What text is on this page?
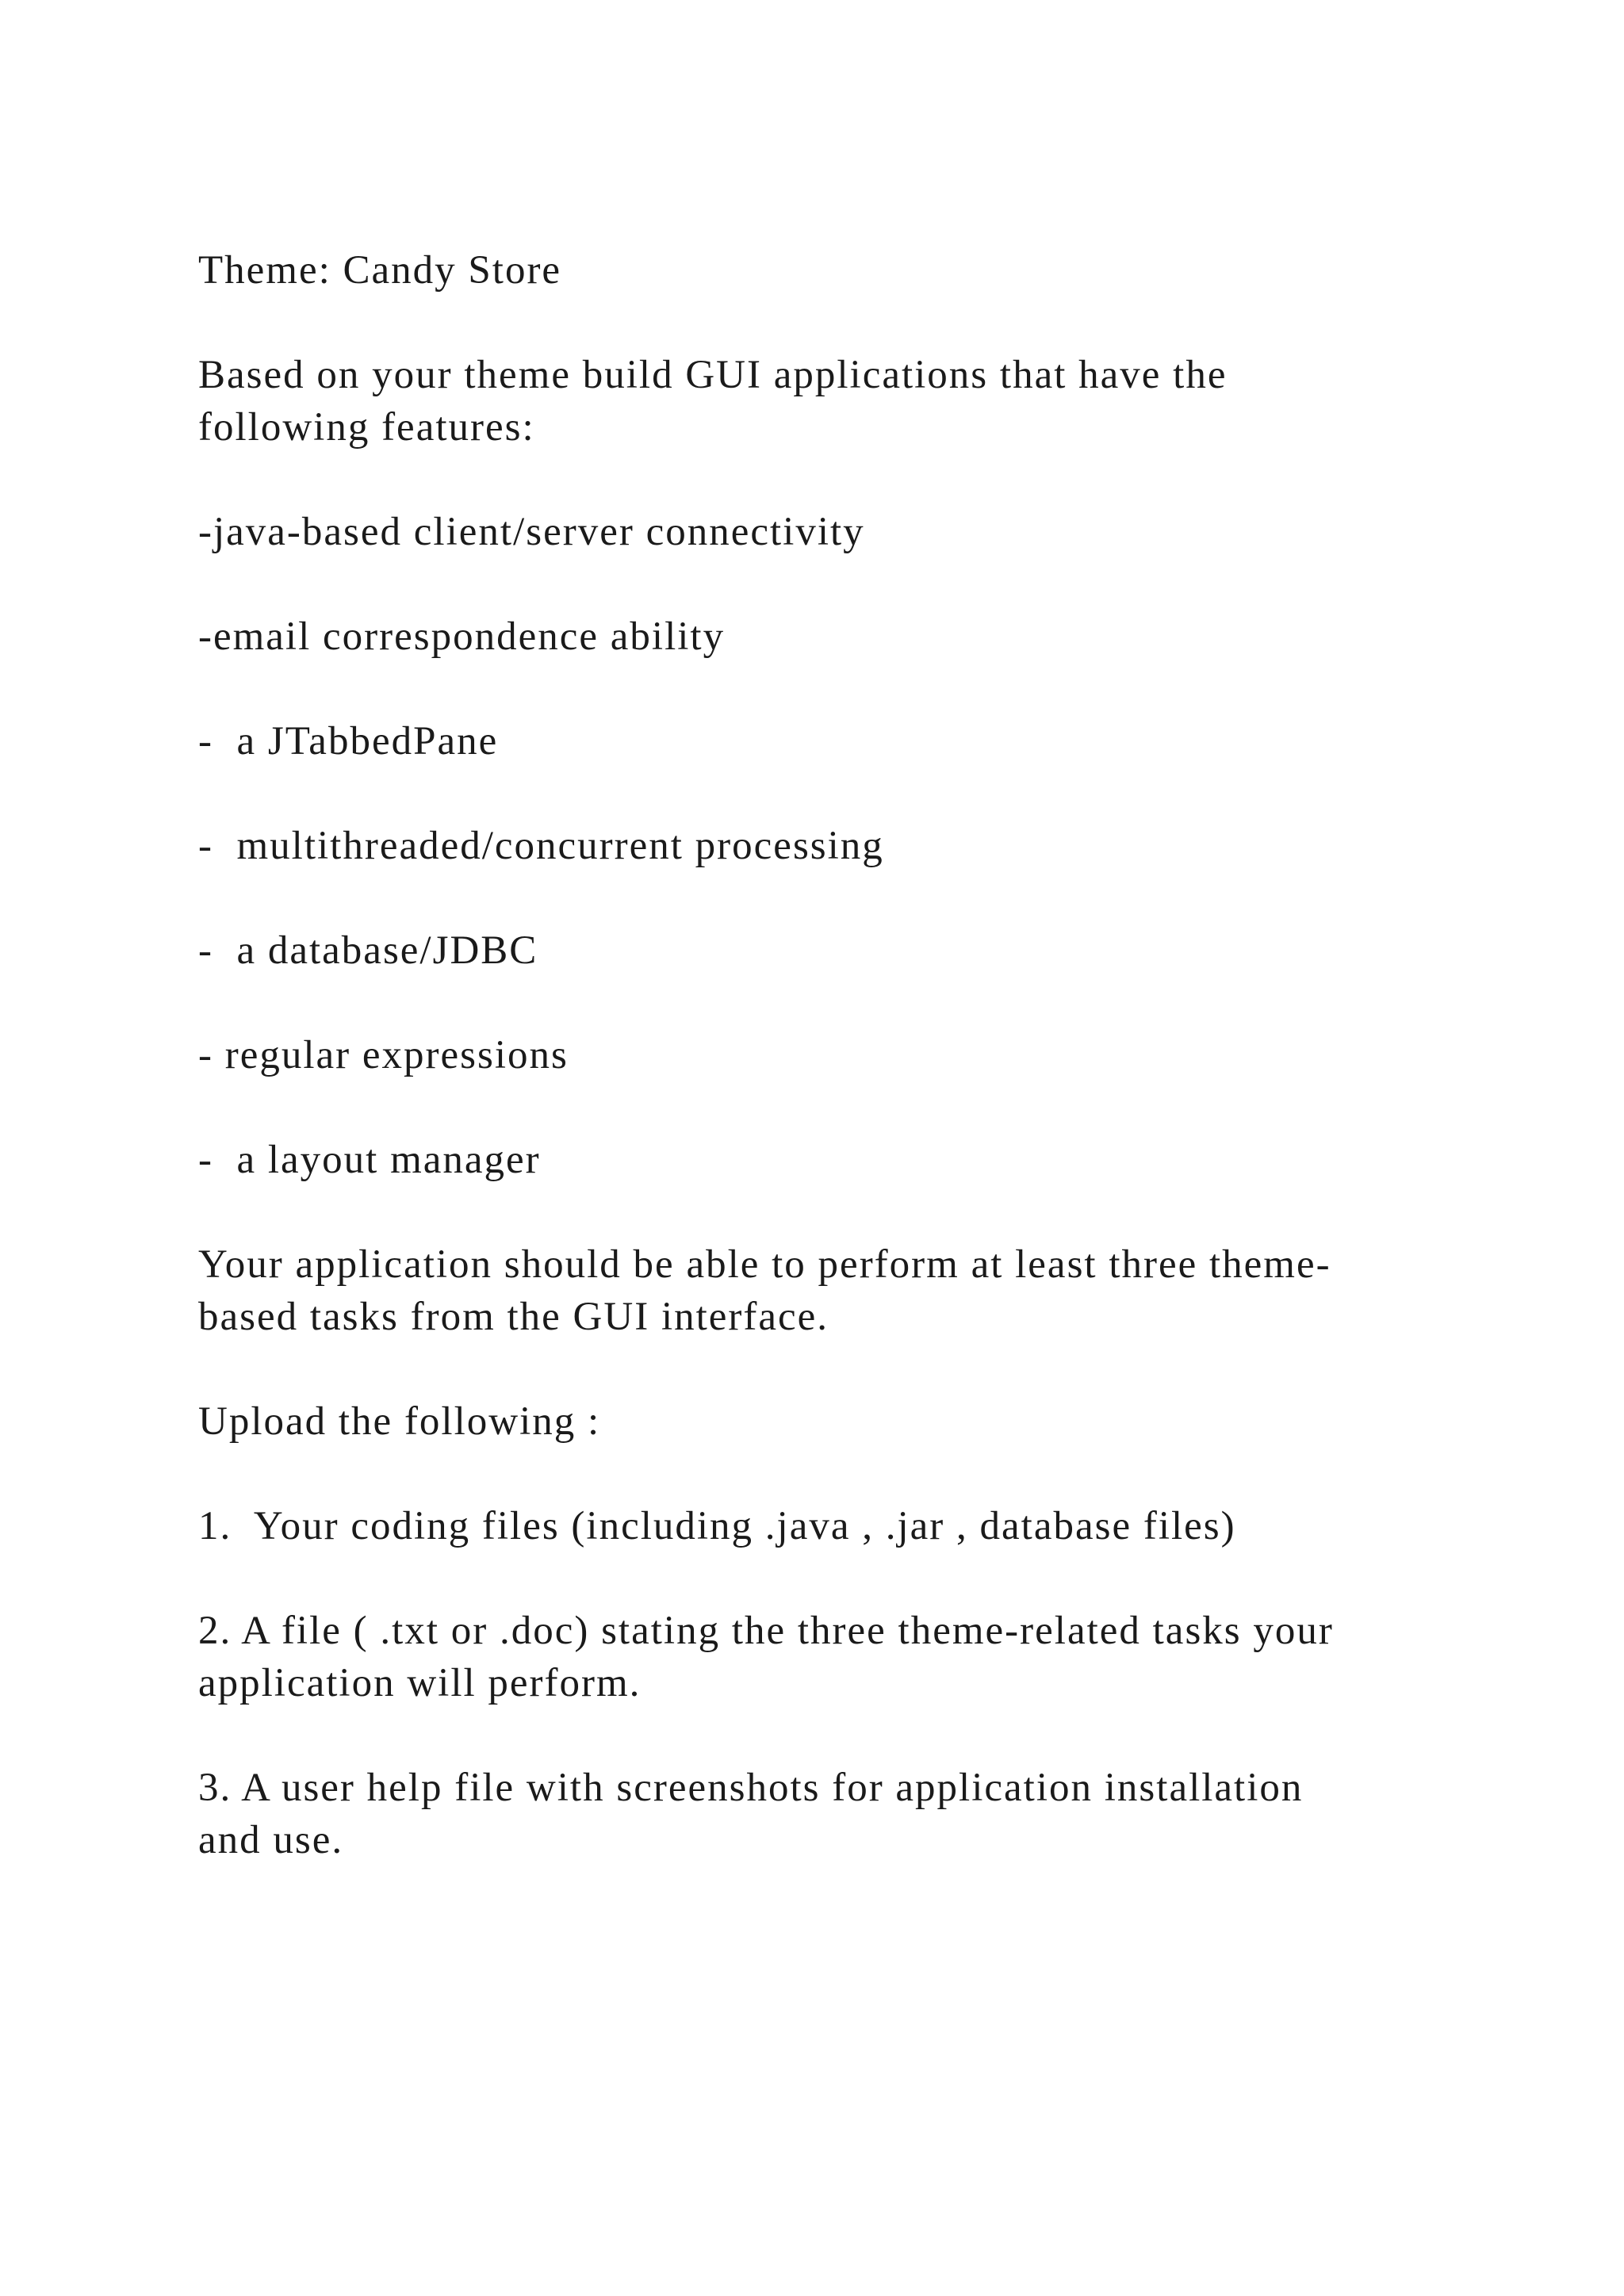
Theme: Candy Store

Based on your theme build GUI applications that have the
following features:

-java-based client/server connectivity

-email correspondence ability

-  a JTabbedPane

-  multithreaded/concurrent processing

-  a database/JDBC

- regular expressions

-  a layout manager

Your application should be able to perform at least three theme-
based tasks from the GUI interface.

Upload the following :

1.  Your coding files (including .java , .jar , database files)

2. A file ( .txt or .doc) stating the three theme-related tasks your
application will perform.

3. A user help file with screenshots for application installation
and use.
